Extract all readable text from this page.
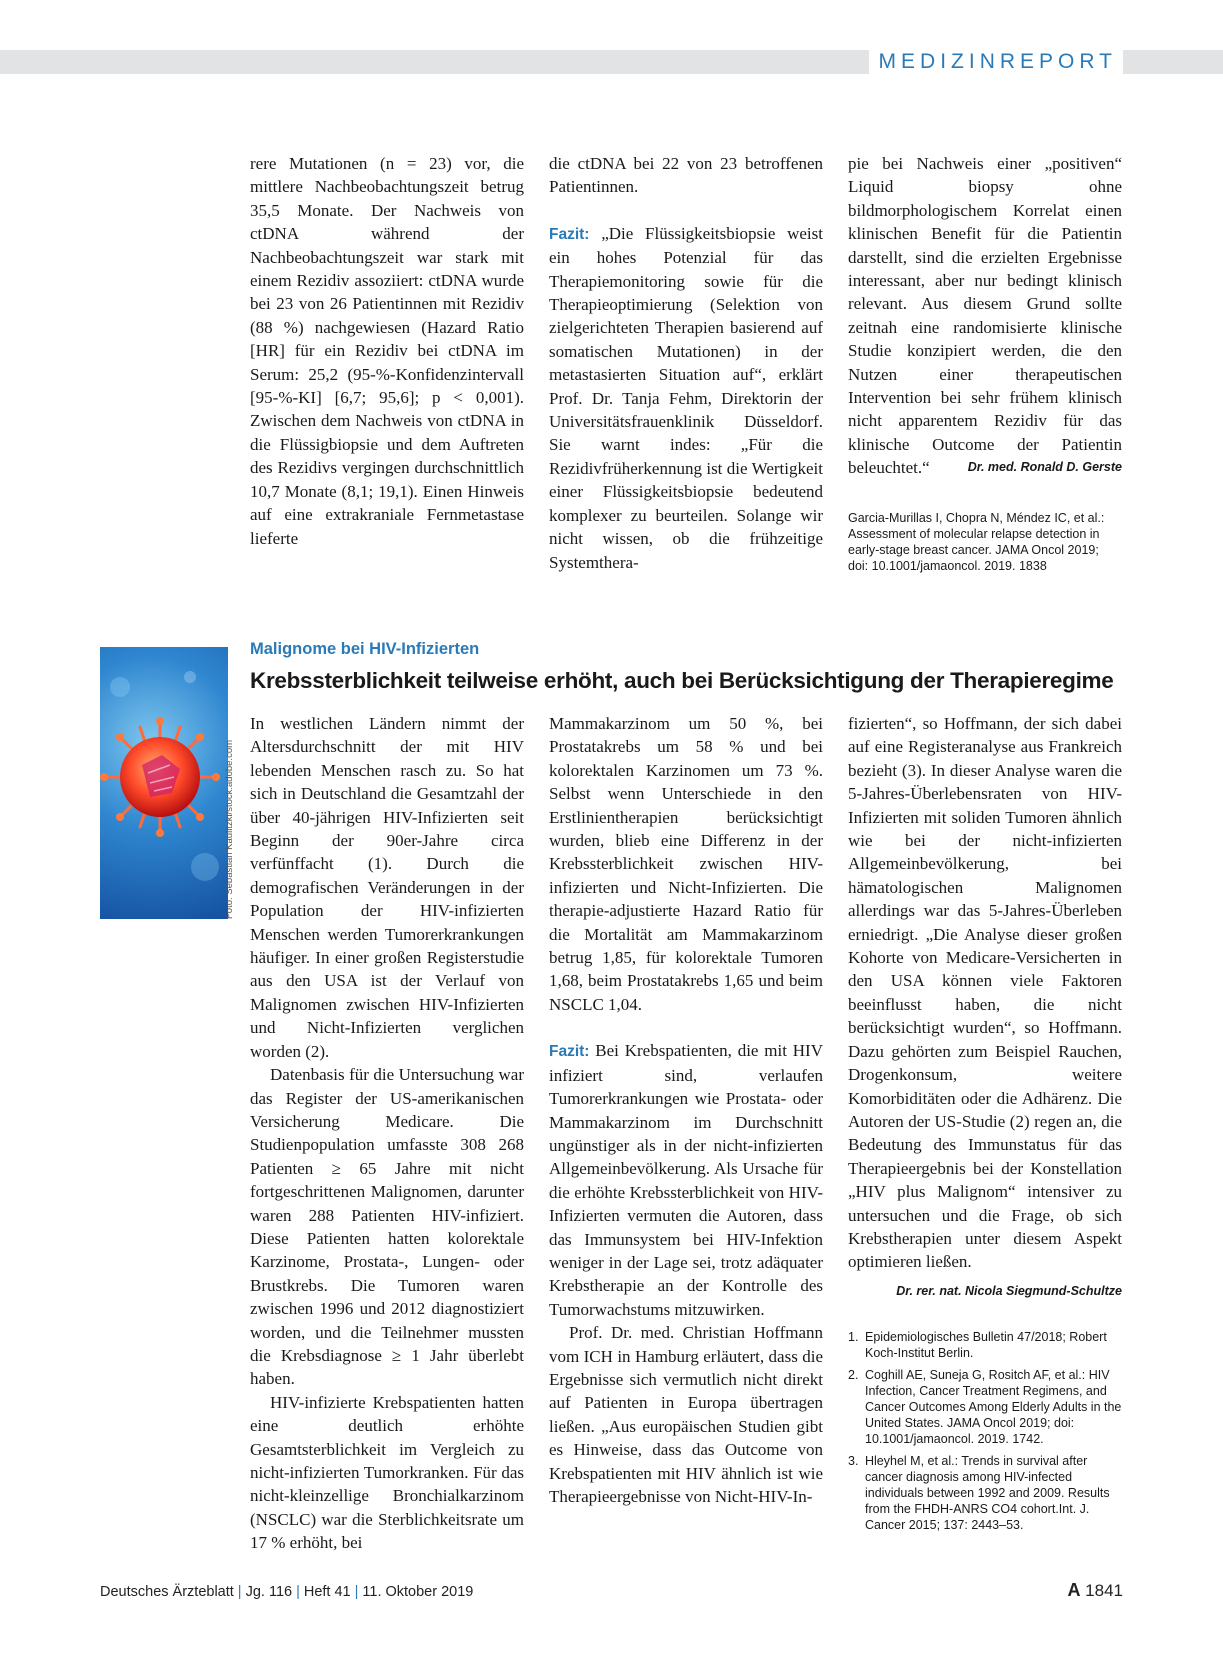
MEDIZINREPORT

rere Mutationen (n = 23) vor, die mittlere Nachbeobachtungszeit betrug 35,5 Monate. Der Nachweis von ctDNA während der Nachbeobachtungszeit war stark mit einem Rezidiv assoziiert: ctDNA wurde bei 23 von 26 Patientinnen mit Rezidiv (88 %) nachgewiesen (Hazard Ratio [HR] für ein Rezidiv bei ctDNA im Serum: 25,2 (95-%-Konfidenzintervall [95-%-KI] [6,7; 95,6]; p < 0,001). Zwischen dem Nachweis von ctDNA in die Flüssigbiopsie und dem Auftreten des Rezidivs vergingen durchschnittlich 10,7 Monate (8,1; 19,1). Einen Hinweis auf eine extrakraniale Fernmetastase lieferte

die ctDNA bei 22 von 23 betroffenen Patientinnen.

Fazit: „Die Flüssigkeitsbiopsie weist ein hohes Potenzial für das Therapiemonitoring sowie für die Therapieoptimierung (Selektion von zielgerichteten Therapien basierend auf somatischen Mutationen) in der metastasierten Situation auf“, erklärt Prof. Dr. Tanja Fehm, Direktorin der Universitätsfrauenklinik Düsseldorf. Sie warnt indes: „Für die Rezidivfrüherkennung ist die Wertigkeit einer Flüssigkeitsbiopsie bedeutend komplexer zu beurteilen. Solange wir nicht wissen, ob die frühzeitige Systemthera-

pie bei Nachweis einer „positiven“ Liquid biopsy ohne bildmorphologischem Korrelat einen klinischen Benefit für die Patientin darstellt, sind die erzielten Ergebnisse interessant, aber nur bedingt klinisch relevant. Aus diesem Grund sollte zeitnah eine randomisierte klinische Studie konzipiert werden, die den Nutzen einer therapeutischen Intervention bei sehr frühem klinisch nicht apparentem Rezidiv für das klinische Outcome der Patientin beleuchtet.“	Dr. med. Ronald D. Gerste

Garcia-Murillas I, Chopra N, Méndez IC, et al.: Assessment of molecular relapse detection in early-stage breast cancer. JAMA Oncol 2019; doi: 10.1001/jamaoncol. 2019. 1838

Foto: Sebastian Kaulitzki/stock.adobe.com
Malignome bei HIV-Infizierten
Krebssterblichkeit teilweise erhöht, auch bei Berücksichtigung der Therapieregime

In westlichen Ländern nimmt der Altersdurchschnitt der mit HIV lebenden Menschen rasch zu. So hat sich in Deutschland die Gesamtzahl der über 40-jährigen HIV-Infizierten seit Beginn der 90er-Jahre circa verfünffacht (1). Durch die demografischen Veränderungen in der Population der HIV-infizierten Menschen werden Tumorerkrankungen häufiger. In einer großen Registerstudie aus den USA ist der Verlauf von Malignomen zwischen HIV-Infizierten und Nicht-Infizierten verglichen worden (2).

Datenbasis für die Untersuchung war das Register der US-amerikanischen Versicherung Medicare. Die Studienpopulation umfasste 308 268 Patienten ≥ 65 Jahre mit nicht fortgeschrittenen Malignomen, darunter waren 288 Patienten HIV-infiziert. Diese Patienten hatten kolorektale Karzinome, Prostata-, Lungen- oder Brustkrebs. Die Tumoren waren zwischen 1996 und 2012 diagnostiziert worden, und die Teilnehmer mussten die Krebsdiagnose ≥ 1 Jahr überlebt haben.

HIV-infizierte Krebspatienten hatten eine deutlich erhöhte Gesamtsterblichkeit im Vergleich zu nicht-infizierten Tumorkranken. Für das nicht-kleinzellige Bronchialkarzinom (NSCLC) war die Sterblichkeitsrate um 17 % erhöht, bei

Mammakarzinom um 50 %, bei Prostatakrebs um 58 % und bei kolorektalen Karzinomen um 73 %. Selbst wenn Unterschiede in den Erstlinientherapien berücksichtigt wurden, blieb eine Differenz in der Krebssterblichkeit zwischen HIV-infizierten und Nicht-Infizierten. Die therapie-adjustierte Hazard Ratio für die Mortalität am Mammakarzinom betrug 1,85, für kolorektale Tumoren 1,68, beim Prostatakrebs 1,65 und beim NSCLC 1,04.

Fazit: Bei Krebspatienten, die mit HIV infiziert sind, verlaufen Tumorerkrankungen wie Prostata- oder Mammakarzinom im Durchschnitt ungünstiger als in der nicht-infizierten Allgemeinbevölkerung. Als Ursache für die erhöhte Krebssterblichkeit von HIV-Infizierten vermuten die Autoren, dass das Immunsystem bei HIV-Infektion weniger in der Lage sei, trotz adäquater Krebstherapie an der Kontrolle des Tumorwachstums mitzuwirken.

Prof. Dr. med. Christian Hoffmann vom ICH in Hamburg erläutert, dass die Ergebnisse sich vermutlich nicht direkt auf Patienten in Europa übertragen ließen. „Aus europäischen Studien gibt es Hinweise, dass das Outcome von Krebspatienten mit HIV ähnlich ist wie Therapieergebnisse von Nicht-HIV-In-

fizierten“, so Hoffmann, der sich dabei auf eine Registeranalyse aus Frankreich bezieht (3). In dieser Analyse waren die 5-Jahres-Überlebensraten von HIV-Infizierten mit soliden Tumoren ähnlich wie bei der nicht-infizierten Allgemeinbevölkerung, bei hämatologischen Malignomen allerdings war das 5-Jahres-Überleben erniedrigt. „Die Analyse dieser großen Kohorte von Medicare-Versicherten in den USA können viele Faktoren beeinflusst haben, die nicht berücksichtigt wurden“, so Hoffmann. Dazu gehörten zum Beispiel Rauchen, Drogenkonsum, weitere Komorbiditäten oder die Adhärenz. Die Autoren der US-Studie (2) regen an, die Bedeutung des Immunstatus für das Therapieergebnis bei der Konstellation „HIV plus Malignom“ intensiver zu untersuchen und die Frage, ob sich Krebstherapien unter diesem Aspekt optimieren ließen.

Dr. rer. nat. Nicola Siegmund-Schultze
1. Epidemiologisches Bulletin 47/2018; Robert Koch-Institut Berlin.
2. Coghill AE, Suneja G, Rositch AF, et al.: HIV Infection, Cancer Treatment Regimens, and Cancer Outcomes Among Elderly Adults in the United States. JAMA Oncol 2019; doi: 10.1001/jamaoncol. 2019. 1742.
3. Hleyhel M, et al.: Trends in survival after cancer diagnosis among HIV-infected individuals between 1992 and 2009. Results from the FHDH-ANRS CO4 cohort.Int. J. Cancer 2015; 137: 2443–53.
Deutsches Ärzteblatt | Jg. 116 | Heft 41 | 11. Oktober 2019	A 1841
